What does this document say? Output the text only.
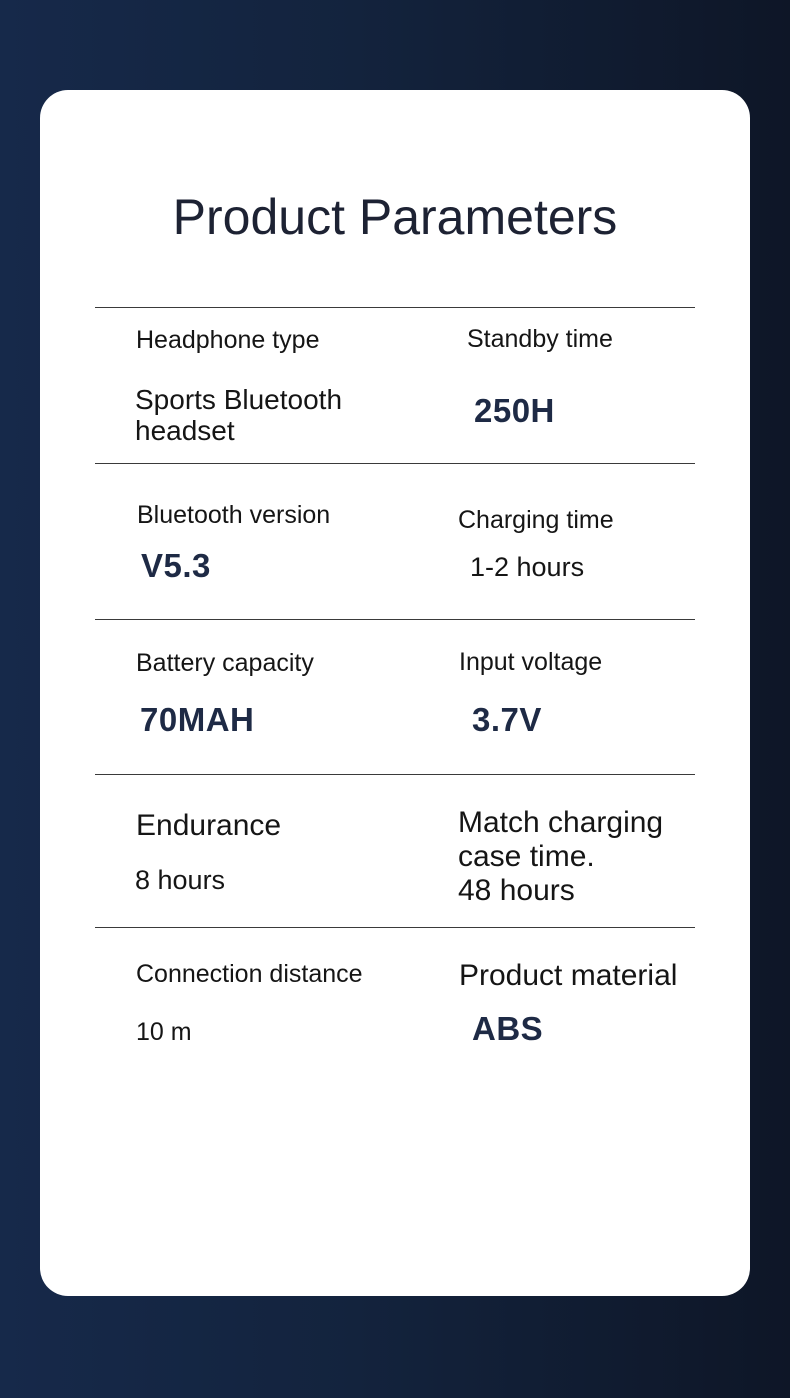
Product Parameters
Headphone type
Sports Bluetooth
headset
Standby time
250H
Bluetooth version
V5.3
Charging time
1-2 hours
Battery capacity
70MAH
Input voltage
3.7V
Endurance
8 hours
Match charging
case time.
48 hours
Connection distance
10 m
Product material
ABS
